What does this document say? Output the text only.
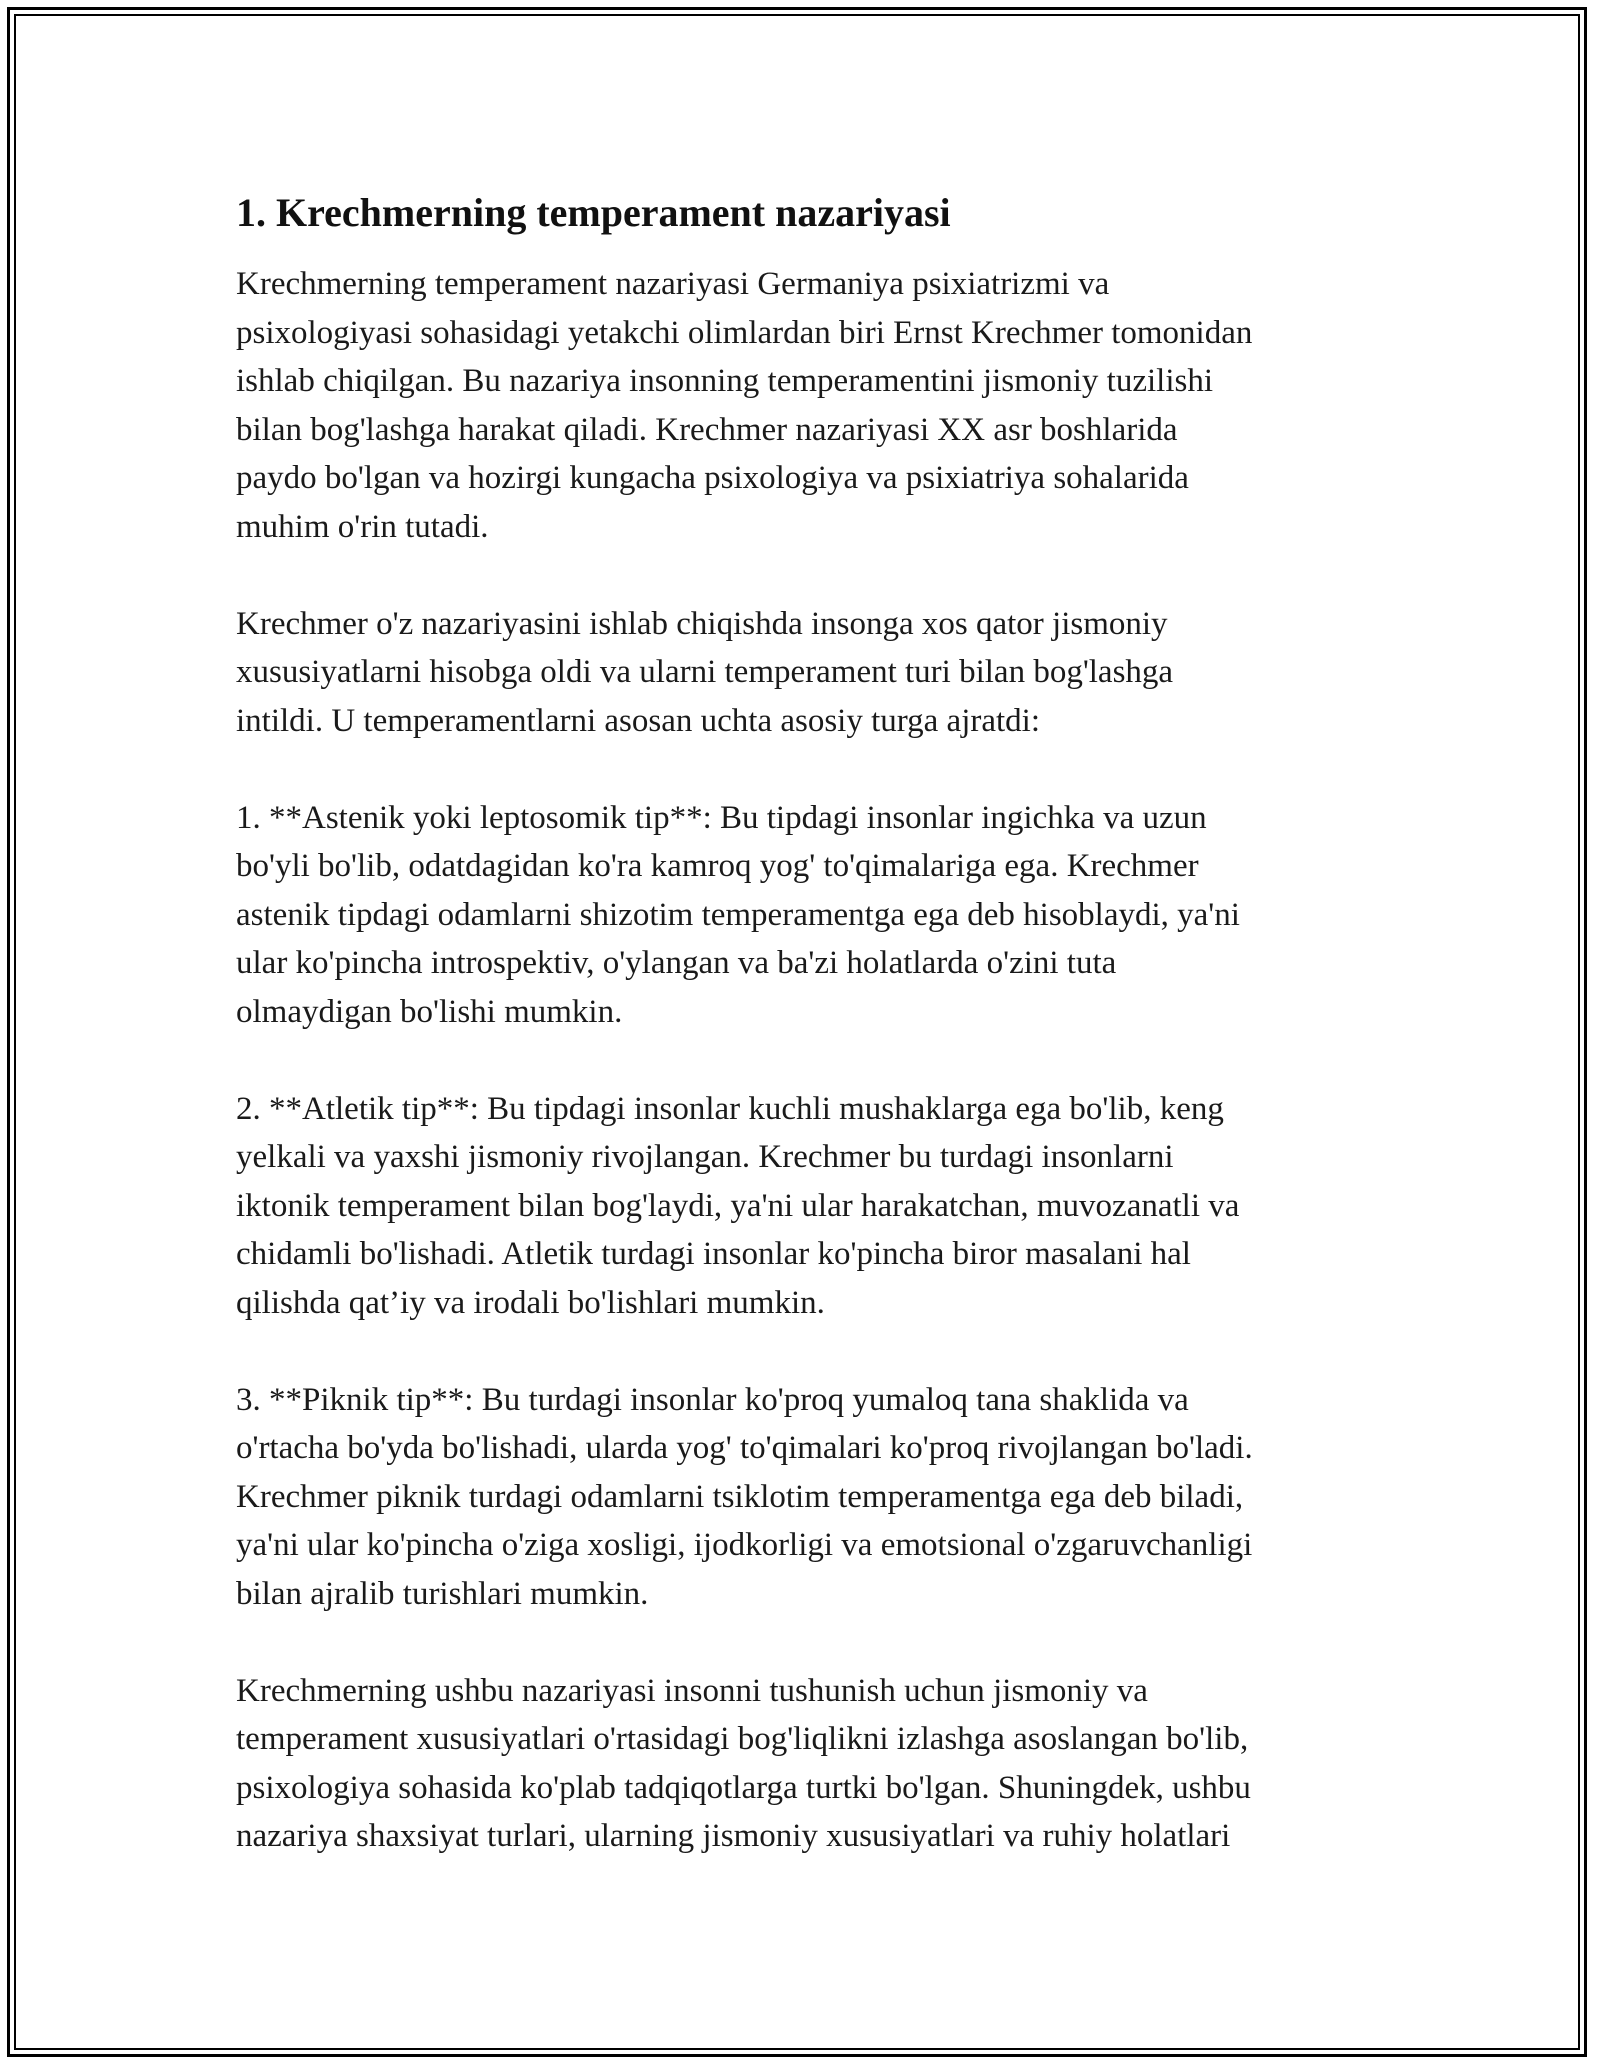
1. Krechmerning temperament nazariyasi

Krechmerning temperament nazariyasi Germaniya psixiatrizmi va
psixologiyasi sohasidagi yetakchi olimlardan biri Ernst Krechmer tomonidan
ishlab chiqilgan. Bu nazariya insonning temperamentini jismoniy tuzilishi
bilan bog'lashga harakat qiladi. Krechmer nazariyasi XX asr boshlarida
paydo bo'lgan va hozirgi kungacha psixologiya va psixiatriya sohalarida
muhim o'rin tutadi.

Krechmer o'z nazariyasini ishlab chiqishda insonga xos qator jismoniy
xususiyatlarni hisobga oldi va ularni temperament turi bilan bog'lashga
intildi. U temperamentlarni asosan uchta asosiy turga ajratdi:

1. **Astenik yoki leptosomik tip**: Bu tipdagi insonlar ingichka va uzun
bo'yli bo'lib, odatdagidan ko'ra kamroq yog' to'qimalariga ega. Krechmer
astenik tipdagi odamlarni shizotim temperamentga ega deb hisoblaydi, ya'ni
ular ko'pincha introspektiv, o'ylangan va ba'zi holatlarda o'zini tuta
olmaydigan bo'lishi mumkin.

2. **Atletik tip**: Bu tipdagi insonlar kuchli mushaklarga ega bo'lib, keng
yelkali va yaxshi jismoniy rivojlangan. Krechmer bu turdagi insonlarni
iktonik temperament bilan bog'laydi, ya'ni ular harakatchan, muvozanatli va
chidamli bo'lishadi. Atletik turdagi insonlar ko'pincha biror masalani hal
qilishda qat’iy va irodali bo'lishlari mumkin.

3. **Piknik tip**: Bu turdagi insonlar ko'proq yumaloq tana shaklida va
o'rtacha bo'yda bo'lishadi, ularda yog' to'qimalari ko'proq rivojlangan bo'ladi.
Krechmer piknik turdagi odamlarni tsiklotim temperamentga ega deb biladi,
ya'ni ular ko'pincha o'ziga xosligi, ijodkorligi va emotsional o'zgaruvchanligi
bilan ajralib turishlari mumkin.

Krechmerning ushbu nazariyasi insonni tushunish uchun jismoniy va
temperament xususiyatlari o'rtasidagi bog'liqlikni izlashga asoslangan bo'lib,
psixologiya sohasida ko'plab tadqiqotlarga turtki bo'lgan. Shuningdek, ushbu
nazariya shaxsiyat turlari, ularning jismoniy xususiyatlari va ruhiy holatlari
